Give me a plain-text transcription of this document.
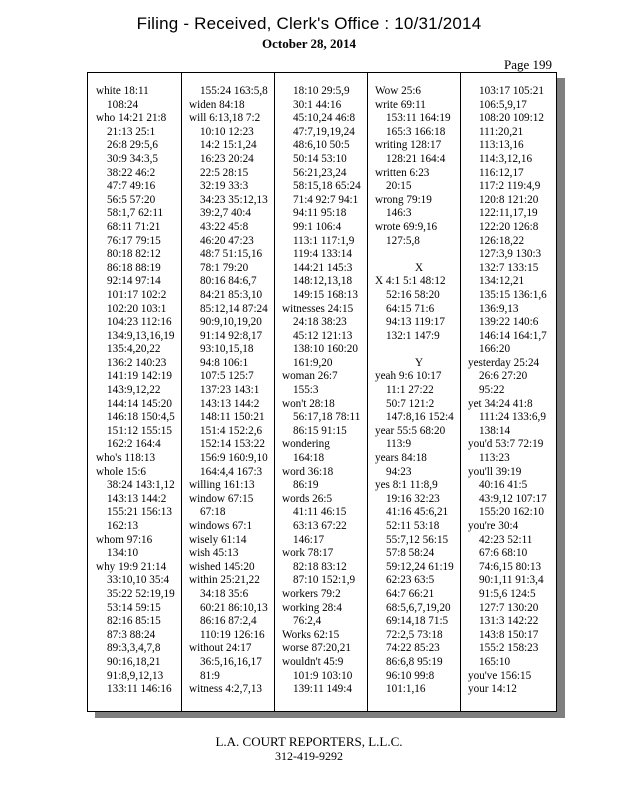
Filing - Received, Clerk's Office : 10/31/2014
October 28, 2014
Page 199
white 18:11
108:24
who 14:21 21:8
21:13 25:1
26:8 29:5,6
30:9 34:3,5
38:22 46:2
47:7 49:16
56:5 57:20
58:1,7 62:11
68:11 71:21
76:17 79:15
80:18 82:12
86:18 88:19
92:14 97:14
101:17 102:2
102:20 103:1
104:23 112:16
134:9,13,16,19
135:4,20,22
136:2 140:23
141:19 142:19
143:9,12,22
144:14 145:20
146:18 150:4,5
151:12 155:15
162:2 164:4
who's 118:13
whole 15:6
38:24 143:1,12
143:13 144:2
155:21 156:13
162:13
whom 97:16
134:10
why 19:9 21:14
33:10,10 35:4
35:22 52:19,19
53:14 59:15
82:16 85:15
87:3 88:24
89:3,3,4,7,8
90:16,18,21
91:8,9,12,13
133:11 146:16
155:24 163:5,8
widen 84:18
will 6:13,18 7:2
10:10 12:23
14:2 15:1,24
16:23 20:24
22:5 28:15
32:19 33:3
34:23 35:12,13
39:2,7 40:4
43:22 45:8
46:20 47:23
48:7 51:15,16
78:1 79:20
80:16 84:6,7
84:21 85:3,10
85:12,14 87:24
90:9,10,19,20
91:14 92:8,17
93:10,15,18
94:8 106:1
107:5 125:7
137:23 143:1
143:13 144:2
148:11 150:21
151:4 152:2,6
152:14 153:22
156:9 160:9,10
164:4,4 167:3
willing 161:13
window 67:15
67:18
windows 67:1
wisely 61:14
wish 45:13
wished 145:20
within 25:21,22
34:18 35:6
60:21 86:10,13
86:16 87:2,4
110:19 126:16
without 24:17
36:5,16,16,17
81:9
witness 4:2,7,13
18:10 29:5,9
30:1 44:16
45:10,24 46:8
47:7,19,19,24
48:6,10 50:5
50:14 53:10
56:21,23,24
58:15,18 65:24
71:4 92:7 94:1
94:11 95:18
99:1 106:4
113:1 117:1,9
119:4 133:14
144:21 145:3
148:12,13,18
149:15 168:13
witnesses 24:15
24:18 38:23
45:12 121:13
138:10 160:20
161:9,20
woman 26:7
155:3
won't 28:18
56:17,18 78:11
86:15 91:15
wondering
164:18
word 36:18
86:19
words 26:5
41:11 46:15
63:13 67:22
146:17
work 78:17
82:18 83:12
87:10 152:1,9
workers 79:2
working 28:4
76:2,4
Works 62:15
worse 87:20,21
wouldn't 45:9
101:9 103:10
139:11 149:4
Wow 25:6
write 69:11
153:11 164:19
165:3 166:18
writing 128:17
128:21 164:4
written 6:23
20:15
wrong 79:19
146:3
wrote 69:9,16
127:5,8
X
X 4:1 5:1 48:12
52:16 58:20
64:15 71:6
94:13 119:17
132:1 147:9
Y
yeah 9:6 10:17
11:1 27:22
50:7 121:2
147:8,16 152:4
year 55:5 68:20
113:9
years 84:18
94:23
yes 8:1 11:8,9
19:16 32:23
41:16 45:6,21
52:11 53:18
55:7,12 56:15
57:8 58:24
59:12,24 61:19
62:23 63:5
64:7 66:21
68:5,6,7,19,20
69:14,18 71:5
72:2,5 73:18
74:22 85:23
86:6,8 95:19
96:10 99:8
101:1,16
103:17 105:21
106:5,9,17
108:20 109:12
111:20,21
113:13,16
114:3,12,16
116:12,17
117:2 119:4,9
120:8 121:20
122:11,17,19
122:20 126:8
126:18,22
127:3,9 130:3
132:7 133:15
134:12,21
135:15 136:1,6
136:9,13
139:22 140:6
146:14 164:1,7
166:20
yesterday 25:24
26:6 27:20
95:22
yet 34:24 41:8
111:24 133:6,9
138:14
you'd 53:7 72:19
113:23
you'll 39:19
40:16 41:5
43:9,12 107:17
155:20 162:10
you're 30:4
42:23 52:11
67:6 68:10
74:6,15 80:13
90:1,11 91:3,4
91:5,6 124:5
127:7 130:20
131:3 142:22
143:8 150:17
155:2 158:23
165:10
you've 156:15
your 14:12
L.A. COURT REPORTERS, L.L.C.
312-419-9292
